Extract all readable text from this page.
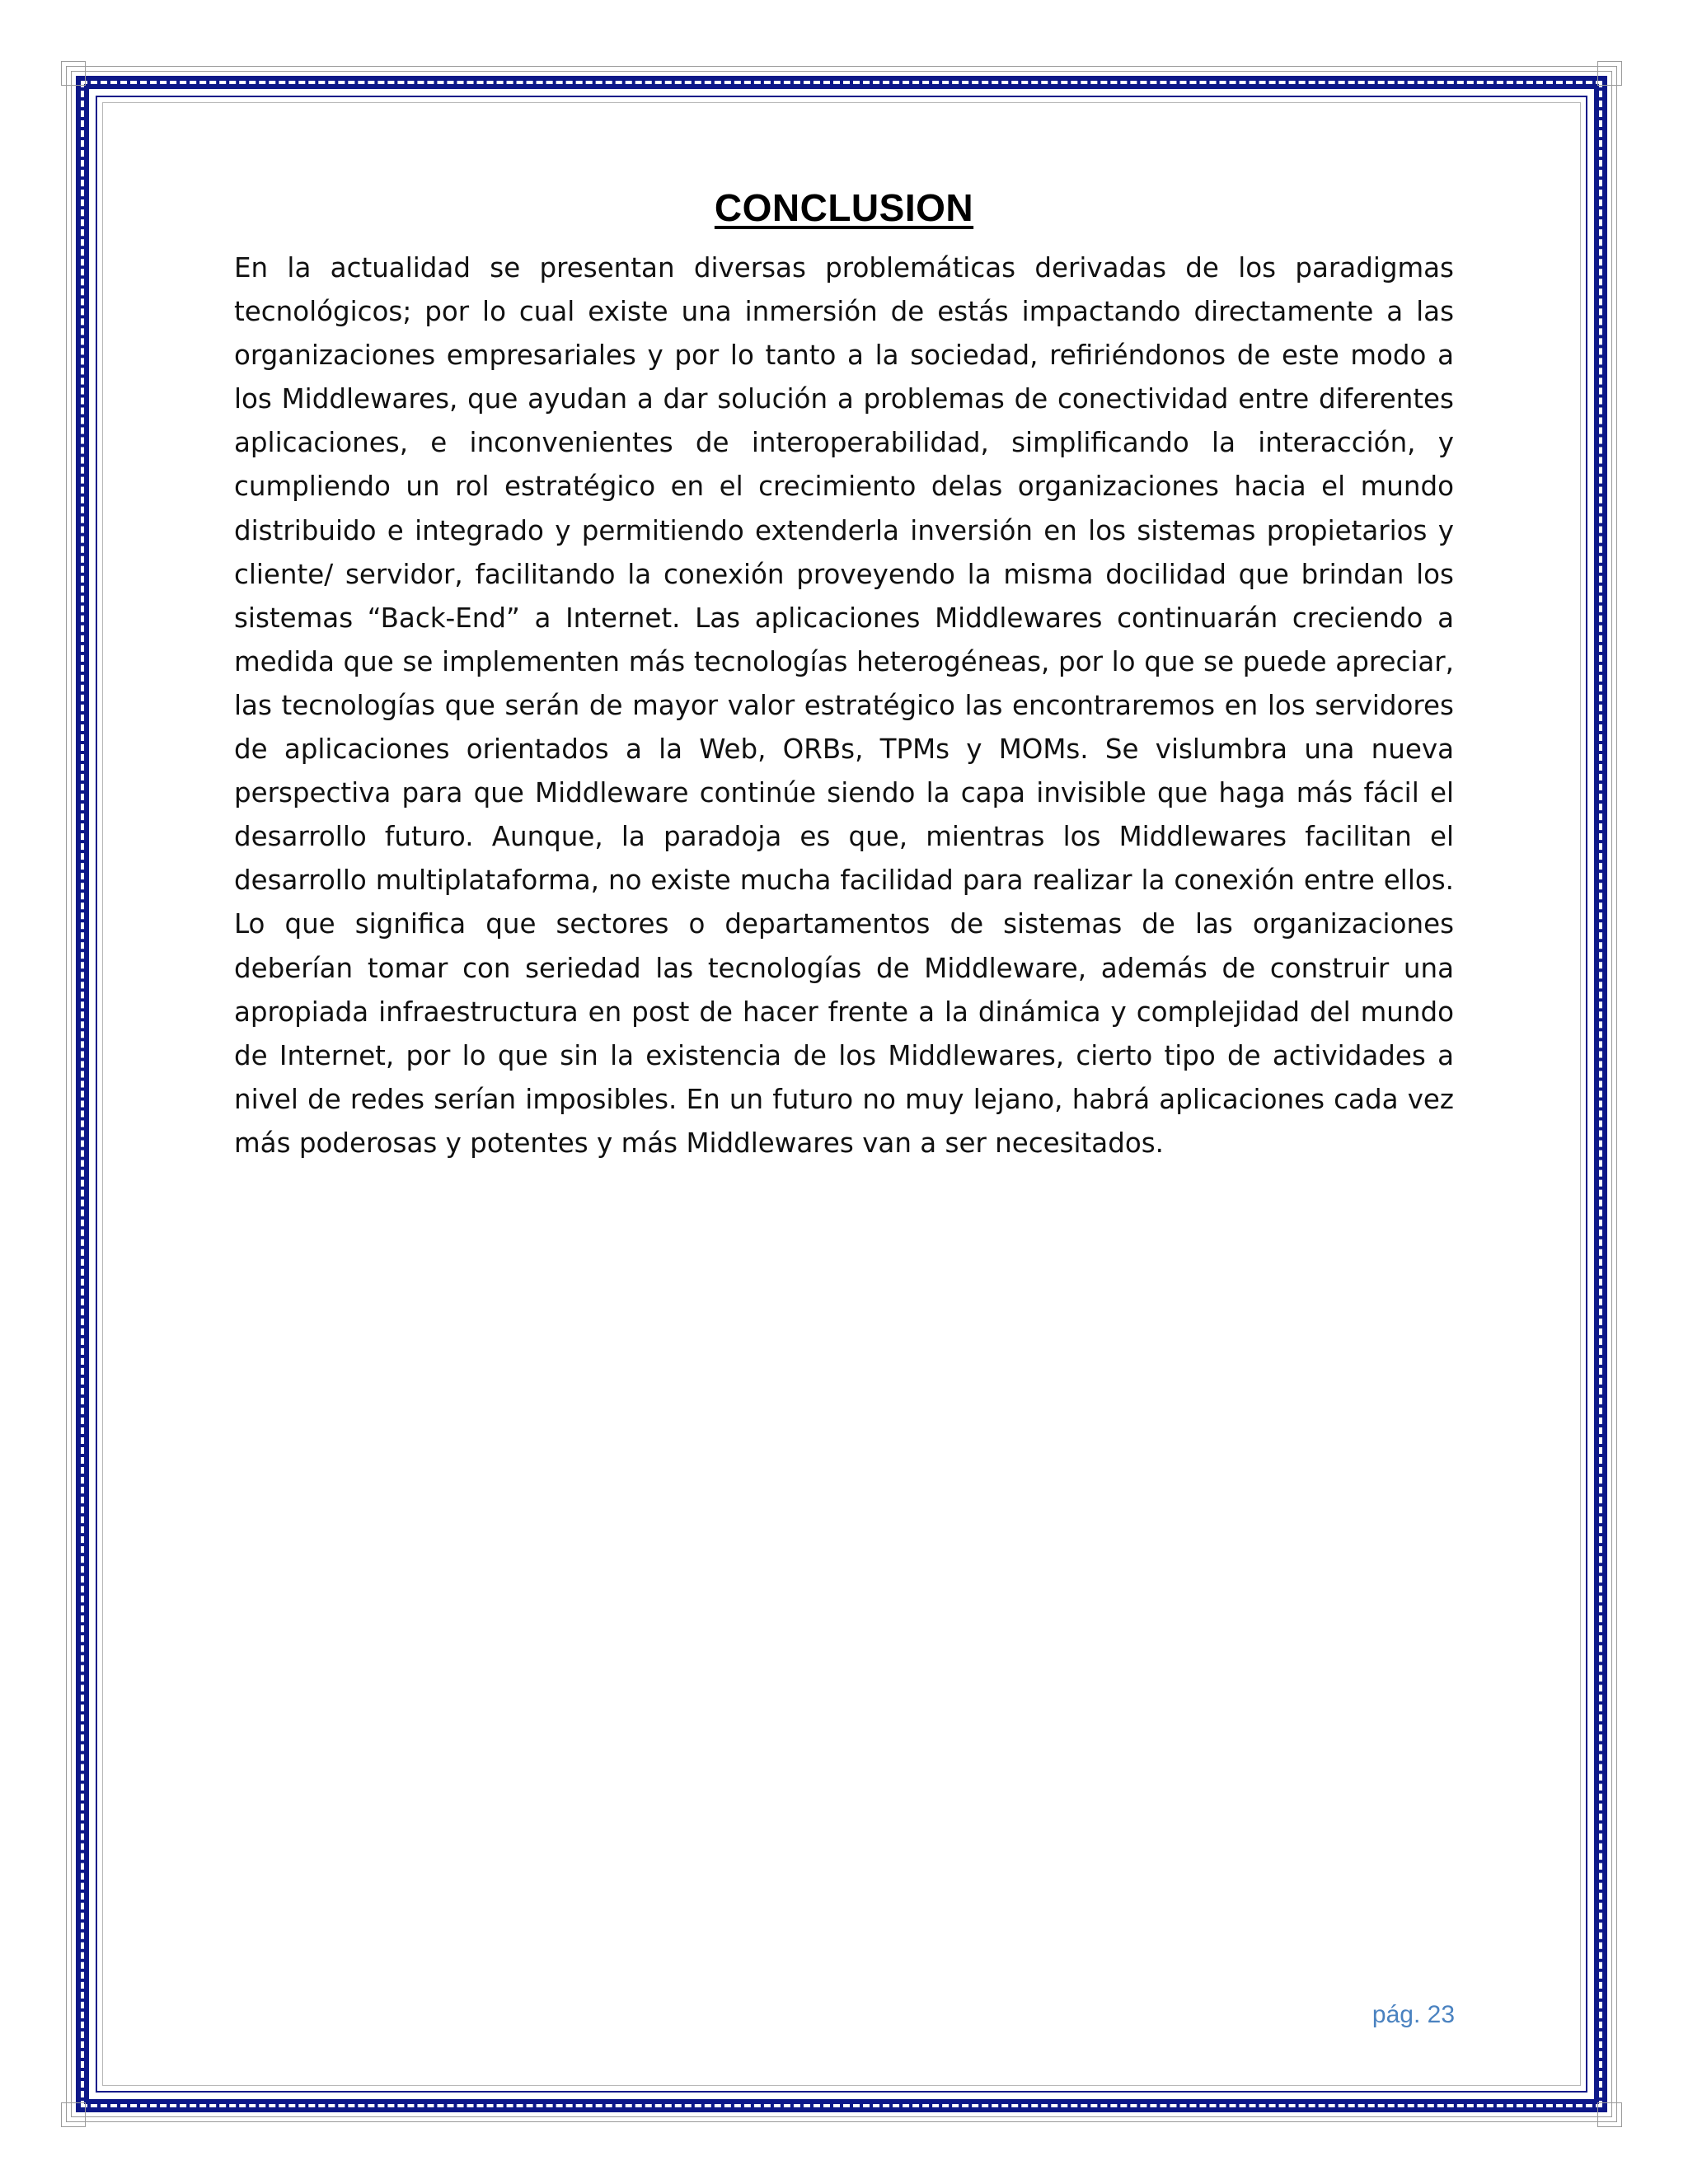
CONCLUSION

En la actualidad se presentan diversas problemáticas derivadas de los paradigmas tecnológicos; por lo cual existe una inmersión de estás impactando directamente a las organizaciones empresariales y por lo tanto a la sociedad, refiriéndonos de este modo a los Middlewares, que ayudan a dar solución a problemas de conectividad entre diferentes aplicaciones, e inconvenientes de interoperabilidad, simplificando la interacción, y cumpliendo un rol estratégico en el crecimiento delas organizaciones hacia el mundo distribuido e integrado y permitiendo extenderla inversión en los sistemas propietarios y cliente/ servidor, facilitando la conexión proveyendo la misma docilidad que brindan los sistemas “Back-End” a Internet. Las aplicaciones Middlewares continuarán creciendo a medida que se implementen más tecnologías heterogéneas, por lo que se puede apreciar, las tecnologías que serán de mayor valor estratégico las encontraremos en los servidores de aplicaciones orientados a la Web, ORBs, TPMs y MOMs. Se vislumbra una nueva perspectiva para que Middleware continúe siendo la capa invisible que haga más fácil el desarrollo futuro. Aunque, la paradoja es que, mientras los Middlewares facilitan el desarrollo multiplataforma, no existe mucha facilidad para realizar la conexión entre ellos. Lo que significa que sectores o departamentos de sistemas de las organizaciones deberían tomar con seriedad las tecnologías de Middleware, además de construir una apropiada infraestructura en post de hacer frente a la dinámica y complejidad del mundo de Internet, por lo que sin la existencia de los Middlewares, cierto tipo de actividades a nivel de redes serían imposibles. En un futuro no muy lejano, habrá aplicaciones cada vez más poderosas y potentes y más Middlewares van a ser necesitados.

pág. 23
